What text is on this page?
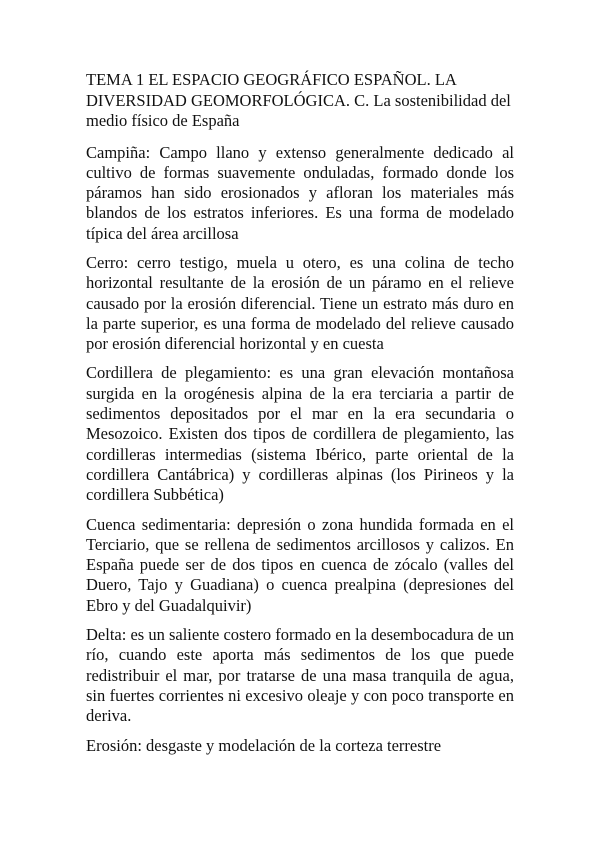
TEMA 1 EL ESPACIO GEOGRÁFICO ESPAÑOL. LA DIVERSIDAD GEOMORFOLÓGICA. C. La sostenibilidad del medio físico de España

Campiña: Campo llano y extenso generalmente dedicado al cultivo de formas suavemente onduladas, formado donde los páramos han sido erosionados y afloran los materiales más blandos de los estratos inferiores. Es una forma de modelado típica del área arcillosa

Cerro: cerro testigo, muela u otero, es una colina de techo horizontal resultante de la erosión de un páramo en el relieve causado por la erosión diferencial. Tiene un estrato más duro en la parte superior, es una forma de modelado del relieve causado por erosión diferencial horizontal y en cuesta

Cordillera de plegamiento: es una gran elevación montañosa surgida en la orogénesis alpina de la era terciaria a partir de sedimentos depositados por el mar en la era secundaria o Mesozoico. Existen dos tipos de cordillera de plegamiento, las cordilleras intermedias (sistema Ibérico, parte oriental de la cordillera Cantábrica) y cordilleras alpinas (los Pirineos y la cordillera Subbética)

Cuenca sedimentaria: depresión o zona hundida formada en el Terciario, que se rellena de sedimentos arcillosos y calizos. En España puede ser de dos tipos en cuenca de zócalo (valles del Duero, Tajo y Guadiana) o cuenca prealpina (depresiones del Ebro y del Guadalquivir)

Delta: es un saliente costero formado en la desembocadura de un río, cuando este aporta más sedimentos de los que puede redistribuir el mar, por tratarse de una masa tranquila de agua, sin fuertes corrientes ni excesivo oleaje y con poco transporte en deriva.

Erosión: desgaste y modelación de la corteza terrestre
